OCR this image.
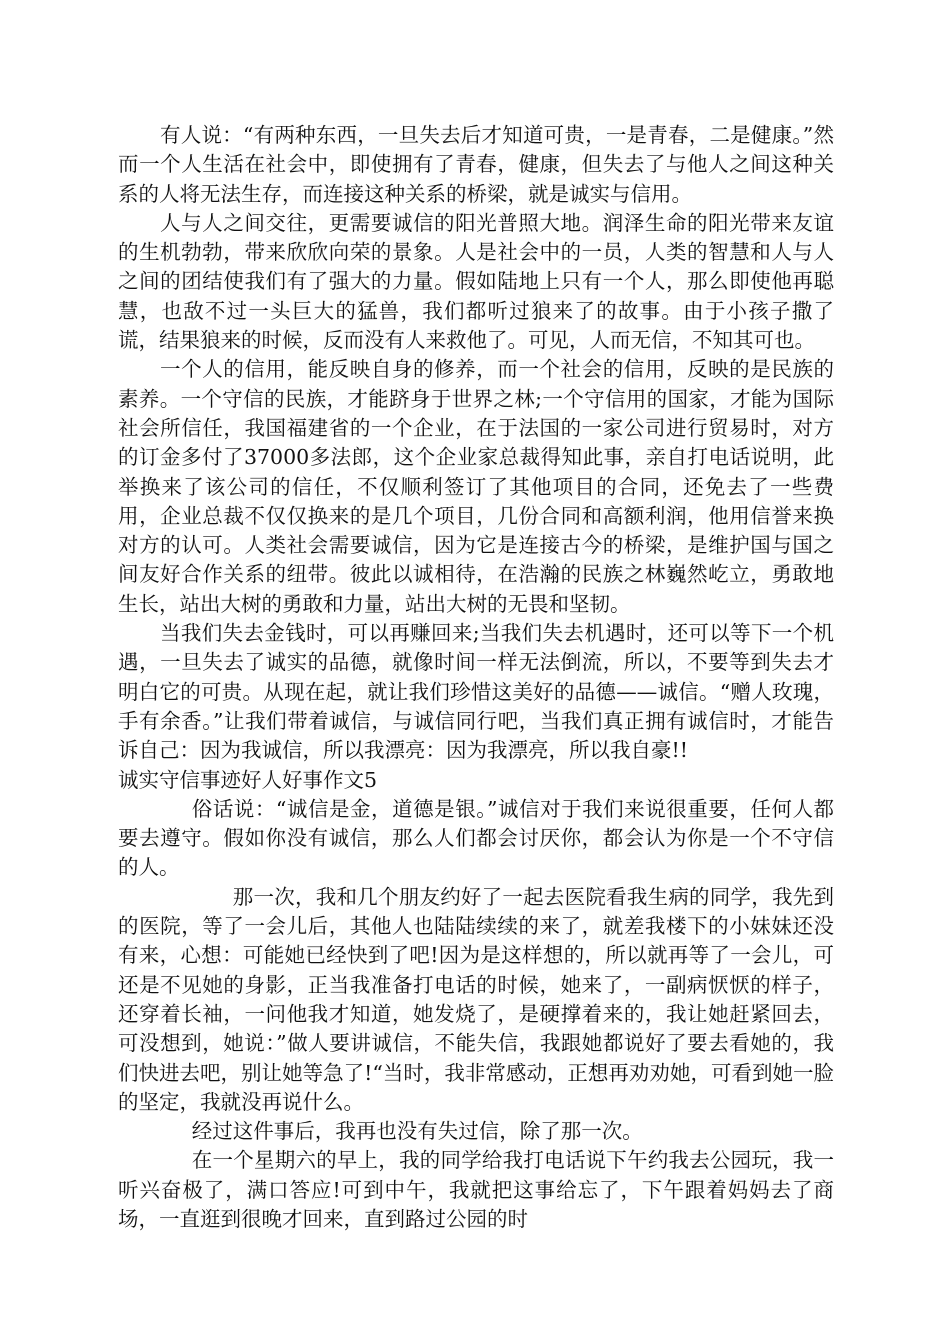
有人说：“有两种东西，一旦失去后才知道可贵，一是青春，二是健康。”然而一个人生活在社会中，即使拥有了青春，健康，但失去了与他人之间这种关系的人将无法生存，而连接这种关系的桥梁，就是诚实与信用。

人与人之间交往，更需要诚信的阳光普照大地。润泽生命的阳光带来友谊的生机勃勃，带来欣欣向荣的景象。人是社会中的一员，人类的智慧和人与人之间的团结使我们有了强大的力量。假如陆地上只有一个人，那么即使他再聪慧，也敌不过一头巨大的猛兽，我们都听过狼来了的故事。由于小孩子撒了谎，结果狼来的时候，反而没有人来救他了。可见，人而无信，不知其可也。

一个人的信用，能反映自身的修养，而一个社会的信用，反映的是民族的素养。一个守信的民族，才能跻身于世界之林;一个守信用的国家，才能为国际社会所信任，我国福建省的一个企业，在于法国的一家公司进行贸易时，对方的订金多付了37000多法郎，这个企业家总裁得知此事，亲自打电话说明，此举换来了该公司的信任，不仅顺利签订了其他项目的合同，还免去了一些费用，企业总裁不仅仅换来的是几个项目，几份合同和高额利润，他用信誉来换对方的认可。人类社会需要诚信，因为它是连接古今的桥梁，是维护国与国之间友好合作关系的纽带。彼此以诚相待，在浩瀚的民族之林巍然屹立，勇敢地生长，站出大树的勇敢和力量，站出大树的无畏和坚韧。

当我们失去金钱时，可以再赚回来;当我们失去机遇时，还可以等下一个机遇，一旦失去了诚实的品德，就像时间一样无法倒流，所以，不要等到失去才明白它的可贵。从现在起，就让我们珍惜这美好的品德——诚信。“赠人玫瑰，手有余香。”让我们带着诚信，与诚信同行吧，当我们真正拥有诚信时，才能告诉自己：因为我诚信，所以我漂亮：因为我漂亮，所以我自豪!!

诚实守信事迹好人好事作文5

俗话说：“诚信是金，道德是银。”诚信对于我们来说很重要，任何人都要去遵守。假如你没有诚信，那么人们都会讨厌你，都会认为你是一个不守信的人。

那一次，我和几个朋友约好了一起去医院看我生病的同学，我先到的医院，等了一会儿后，其他人也陆陆续续的来了，就差我楼下的小妹妹还没有来，心想：可能她已经快到了吧!因为是这样想的，所以就再等了一会儿，可还是不见她的身影，正当我准备打电话的时候，她来了，一副病恹恹的样子，还穿着长袖，一问他我才知道，她发烧了，是硬撑着来的，我让她赶紧回去，可没想到，她说：”做人要讲诚信，不能失信，我跟她都说好了要去看她的，我们快进去吧，别让她等急了!“当时，我非常感动，正想再劝劝她，可看到她一脸的坚定，我就没再说什么。

经过这件事后，我再也没有失过信，除了那一次。

在一个星期六的早上，我的同学给我打电话说下午约我去公园玩，我一听兴奋极了，满口答应!可到中午，我就把这事给忘了，下午跟着妈妈去了商场，一直逛到很晚才回来，直到路过公园的时
